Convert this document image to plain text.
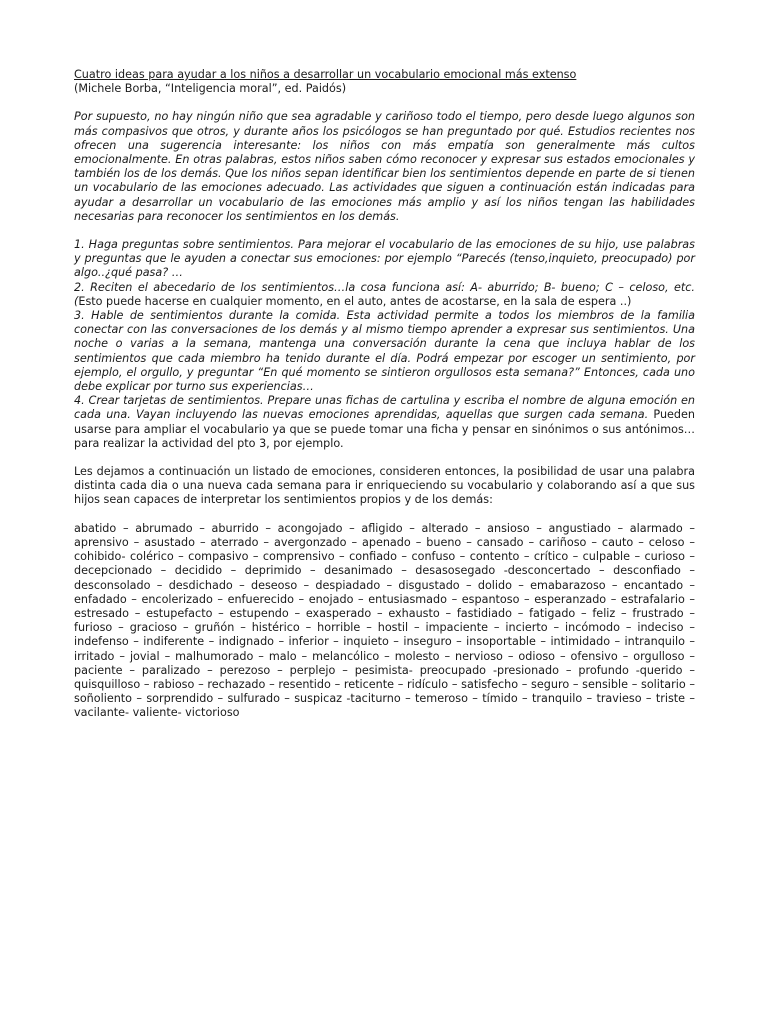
Cuatro ideas para ayudar a los niños a desarrollar un vocabulario emocional más extenso

(Michele Borba, “Inteligencia moral”, ed. Paidós)

Por supuesto, no hay ningún niño que sea agradable y cariñoso todo el tiempo, pero desde luego algunos son más compasivos que otros, y durante años los psicólogos se han preguntado por qué. Estudios recientes nos ofrecen una sugerencia interesante: los niños con más empatía son generalmente más cultos emocionalmente. En otras palabras, estos niños saben cómo reconocer y expresar sus estados emocionales y también los de los demás. Que los niños sepan identificar bien los sentimientos depende en parte de si tienen un vocabulario de las emociones adecuado. Las actividades que siguen a continuación están indicadas para ayudar a desarrollar un vocabulario de las emociones más amplio y así los niños tengan las habilidades necesarias para reconocer los sentimientos en los demás.

1. Haga preguntas sobre sentimientos. Para mejorar el vocabulario de las emociones de su hijo, use palabras y preguntas que le ayuden a conectar sus emociones: por ejemplo “Parecés (tenso,inquieto, preocupado) por algo..¿qué pasa? …

2. Reciten el abecedario de los sentimientos…la cosa funciona así: A- aburrido; B- bueno; C – celoso, etc. (Esto puede hacerse en cualquier momento, en el auto, antes de acostarse, en la sala de espera ..)

3. Hable de sentimientos durante la comida. Esta actividad permite a todos los miembros de la familia conectar con las conversaciones de los demás y al mismo tiempo aprender a expresar sus sentimientos. Una noche o varias a la semana, mantenga una conversación durante la cena que incluya hablar de los sentimientos que cada miembro ha tenido durante el día. Podrá empezar por escoger un sentimiento, por ejemplo, el orgullo, y preguntar “En qué momento se sintieron orgullosos esta semana?” Entonces, cada uno debe explicar por turno sus experiencias…

4. Crear tarjetas de sentimientos. Prepare unas fichas de cartulina y escriba el nombre de alguna emoción en cada una. Vayan incluyendo las nuevas emociones aprendidas, aquellas que surgen cada semana. Pueden usarse para ampliar el vocabulario ya que se puede tomar una ficha y pensar en sinónimos o sus antónimos…para realizar la actividad del pto 3, por ejemplo.

Les dejamos a continuación un listado de emociones, consideren entonces, la posibilidad de usar una palabra distinta cada dia o una nueva cada semana para ir enriqueciendo su vocabulario y colaborando así a que sus hijos sean capaces de interpretar los sentimientos propios y de los demás:

abatido – abrumado – aburrido – acongojado – afligido – alterado – ansioso – angustiado – alarmado – aprensivo – asustado – aterrado – avergonzado – apenado – bueno – cansado – cariñoso – cauto – celoso – cohibido- colérico – compasivo – comprensivo – confiado – confuso – contento – crítico – culpable – curioso – decepcionado – decidido – deprimido – desanimado – desasosegado -desconcertado – desconfiado – desconsolado – desdichado – deseoso – despiadado – disgustado – dolido – emabarazoso – encantado – enfadado – encolerizado – enfuerecido – enojado – entusiasmado – espantoso – esperanzado – estrafalario – estresado – estupefacto – estupendo – exasperado – exhausto – fastidiado – fatigado – feliz – frustrado – furioso – gracioso – gruñón – histérico – horrible – hostil – impaciente – incierto – incómodo – indeciso – indefenso – indiferente – indignado – inferior – inquieto – inseguro – insoportable – intimidado – intranquilo – irritado – jovial – malhumorado – malo – melancólico – molesto – nervioso – odioso – ofensivo – orgulloso – paciente – paralizado – perezoso – perplejo – pesimista- preocupado -presionado – profundo -querido – quisquilloso – rabioso – rechazado – resentido – reticente – ridículo – satisfecho – seguro – sensible – solitario – soñoliento – sorprendido – sulfurado – suspicaz -taciturno – temeroso – tímido – tranquilo – travieso – triste – vacilante- valiente- victorioso
